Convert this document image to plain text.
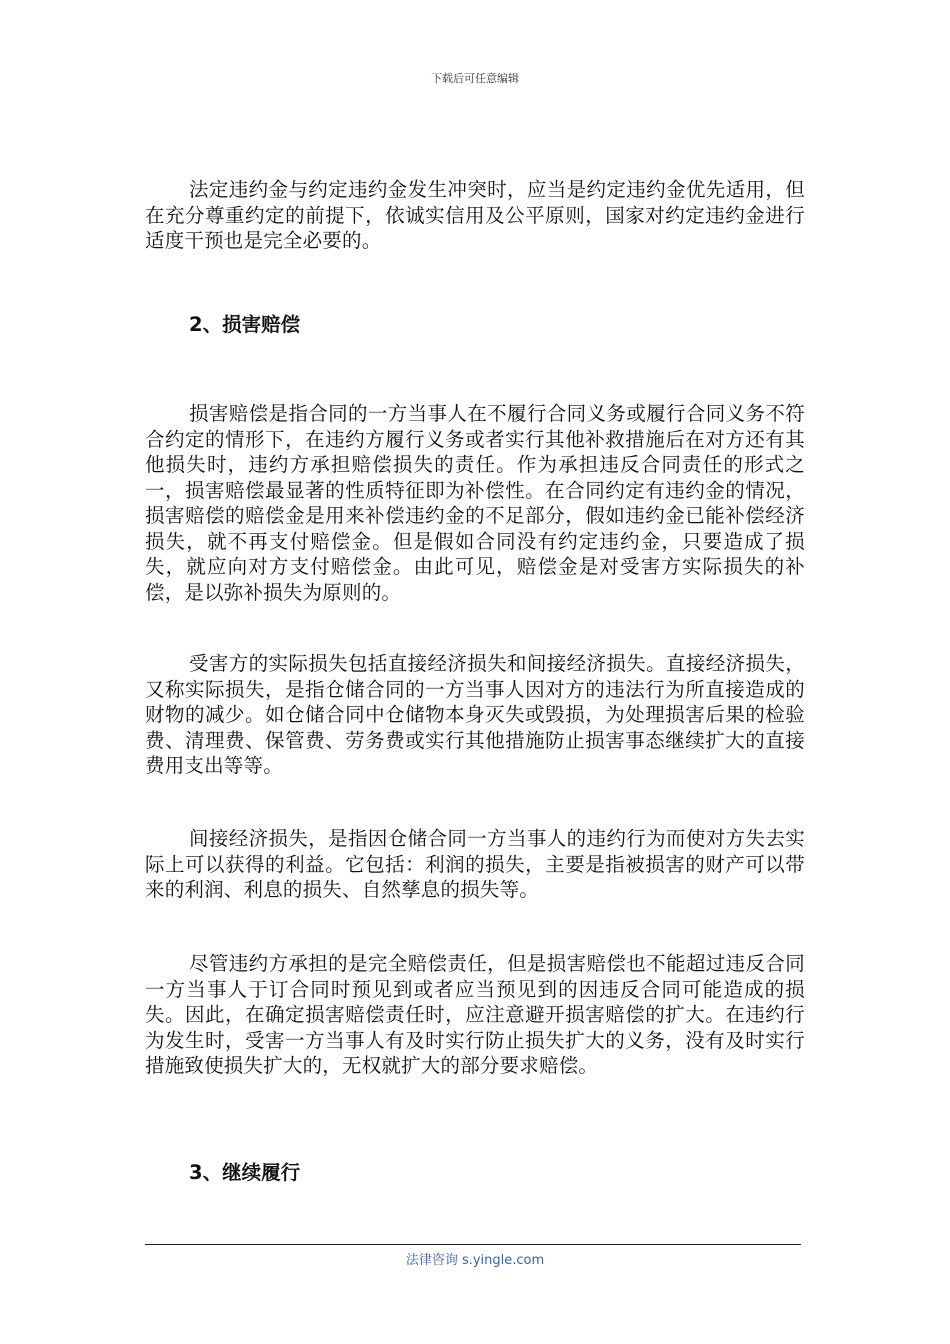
下载后可任意编辑

法定违约金与约定违约金发生冲突时，应当是约定违约金优先适用，但在充分尊重约定的前提下，依诚实信用及公平原则，国家对约定违约金进行适度干预也是完全必要的。

2、损害赔偿

损害赔偿是指合同的一方当事人在不履行合同义务或履行合同义务不符合约定的情形下，在违约方履行义务或者实行其他补救措施后在对方还有其他损失时，违约方承担赔偿损失的责任。作为承担违反合同责任的形式之一，损害赔偿最显著的性质特征即为补偿性。在合同约定有违约金的情况，损害赔偿的赔偿金是用来补偿违约金的不足部分，假如违约金已能补偿经济损失，就不再支付赔偿金。但是假如合同没有约定违约金，只要造成了损失，就应向对方支付赔偿金。由此可见，赔偿金是对受害方实际损失的补偿，是以弥补损失为原则的。

受害方的实际损失包括直接经济损失和间接经济损失。直接经济损失，又称实际损失，是指仓储合同的一方当事人因对方的违法行为所直接造成的财物的减少。如仓储合同中仓储物本身灭失或毁损，为处理损害后果的检验费、清理费、保管费、劳务费或实行其他措施防止损害事态继续扩大的直接费用支出等等。

间接经济损失，是指因仓储合同一方当事人的违约行为而使对方失去实际上可以获得的利益。它包括：利润的损失，主要是指被损害的财产可以带来的利润、利息的损失、自然孳息的损失等。

尽管违约方承担的是完全赔偿责任，但是损害赔偿也不能超过违反合同一方当事人于订合同时预见到或者应当预见到的因违反合同可能造成的损失。因此，在确定损害赔偿责任时，应注意避开损害赔偿的扩大。在违约行为发生时，受害一方当事人有及时实行防止损失扩大的义务，没有及时实行措施致使损失扩大的，无权就扩大的部分要求赔偿。

3、继续履行
法律咨询 s.yingle.com
